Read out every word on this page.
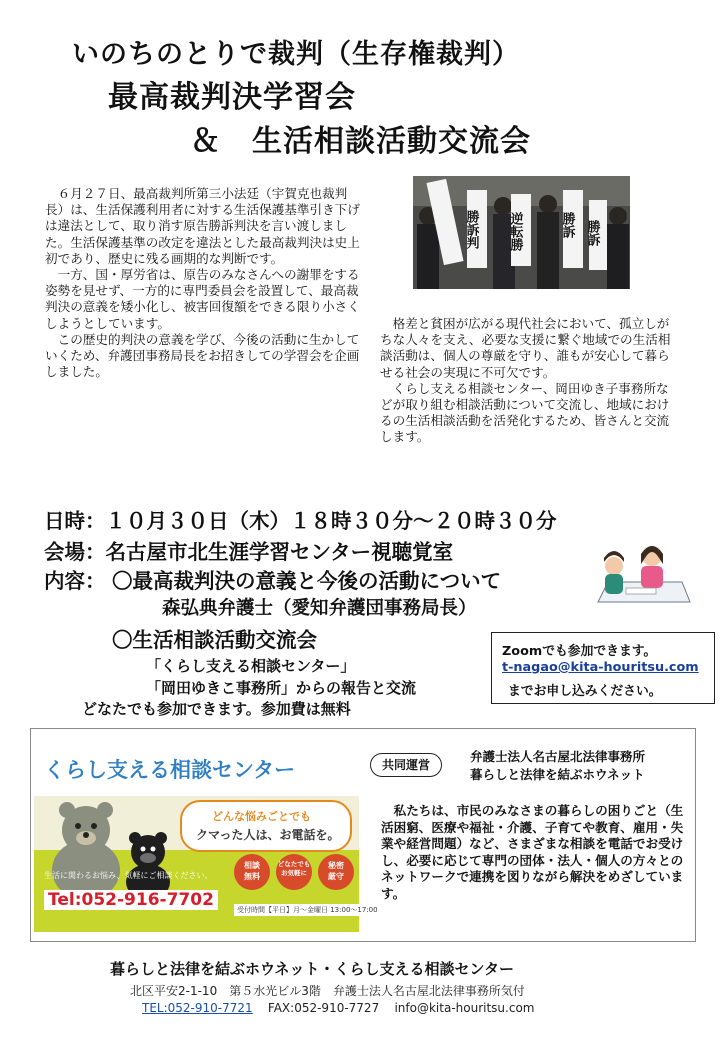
いのちのとりで裁判（生存権裁判）
最高裁判決学習会
＆　生活相談活動交流会

６月２７日、最高裁判所第三小法廷（宇賀克也裁判長）は、生活保護利用者に対する生活保護基準引き下げは違法として、取り消す原告勝訴判決を言い渡しました。生活保護基準の改定を違法とした最高裁判決は史上初であり、歴史に残る画期的な判断です。

一方、国・厚労省は、原告のみなさんへの謝罪をする姿勢を見せず、一方的に専門委員会を設置して、最高裁判決の意義を矮小化し、被害回復額をできる限り小さくしようとしています。

この歴史的判決の意義を学び、今後の活動に生かしていくため、弁護団事務局長をお招きしての学習会を企画しました。

勝訴判 逆転勝	勝訴 勝訴

格差と貧困が広がる現代社会において、孤立しがちな人々を支え、必要な支援に繋ぐ地域での生活相談活動は、個人の尊厳を守り、誰もが安心して暮らせる社会の実現に不可欠です。

くらし支える相談センター、岡田ゆき子事務所などが取り組む相談活動について交流し、地域におけるの生活相談活動を活発化するため、皆さんと交流します。

日時：１０月３０日（木）１８時３０分～２０時３０分
会場：名古屋市北生涯学習センター視聴覚室
内容： 〇最高裁判決の意義と今後の活動について
森弘典弁護士（愛知弁護団事務局長）
〇生活相談活動交流会
「くらし支える相談センター」
「岡田ゆきこ事務所」からの報告と交流
どなたでも参加できます。参加費は無料
Zoomでも参加できます。
t-nagao@kita-houritsu.com
までお申し込みください。
くらし支える相談センター
どんな悩みごとでも
クマった人は、お電話を。
相談
無料
どなたでも
お気軽に
秘密
厳守
生活に関わるお悩み、気軽にご相談ください。
Tel:052-916-7702	受付時間【平日】月〜金曜日 13:00〜17:00
共同運営
弁護士法人名古屋北法律事務所
暮らしと法律を結ぶホウネット

私たちは、市民のみなさまの暮らしの困りごと（生活困窮、医療や福祉・介護、子育てや教育、雇用・失業や経営問題）など、さまざまな相談を電話でお受けし、必要に応じて専門の団体・法人・個人の方々とのネットワークで連携を図りながら解決をめざしています。

暮らしと法律を結ぶホウネット・くらし支える相談センター
北区平安2-1-10　第５水光ビル3階　弁護士法人名古屋北法律事務所気付
TEL:052-910-7721 FAX:052-910-7727 info@kita-houritsu.com
